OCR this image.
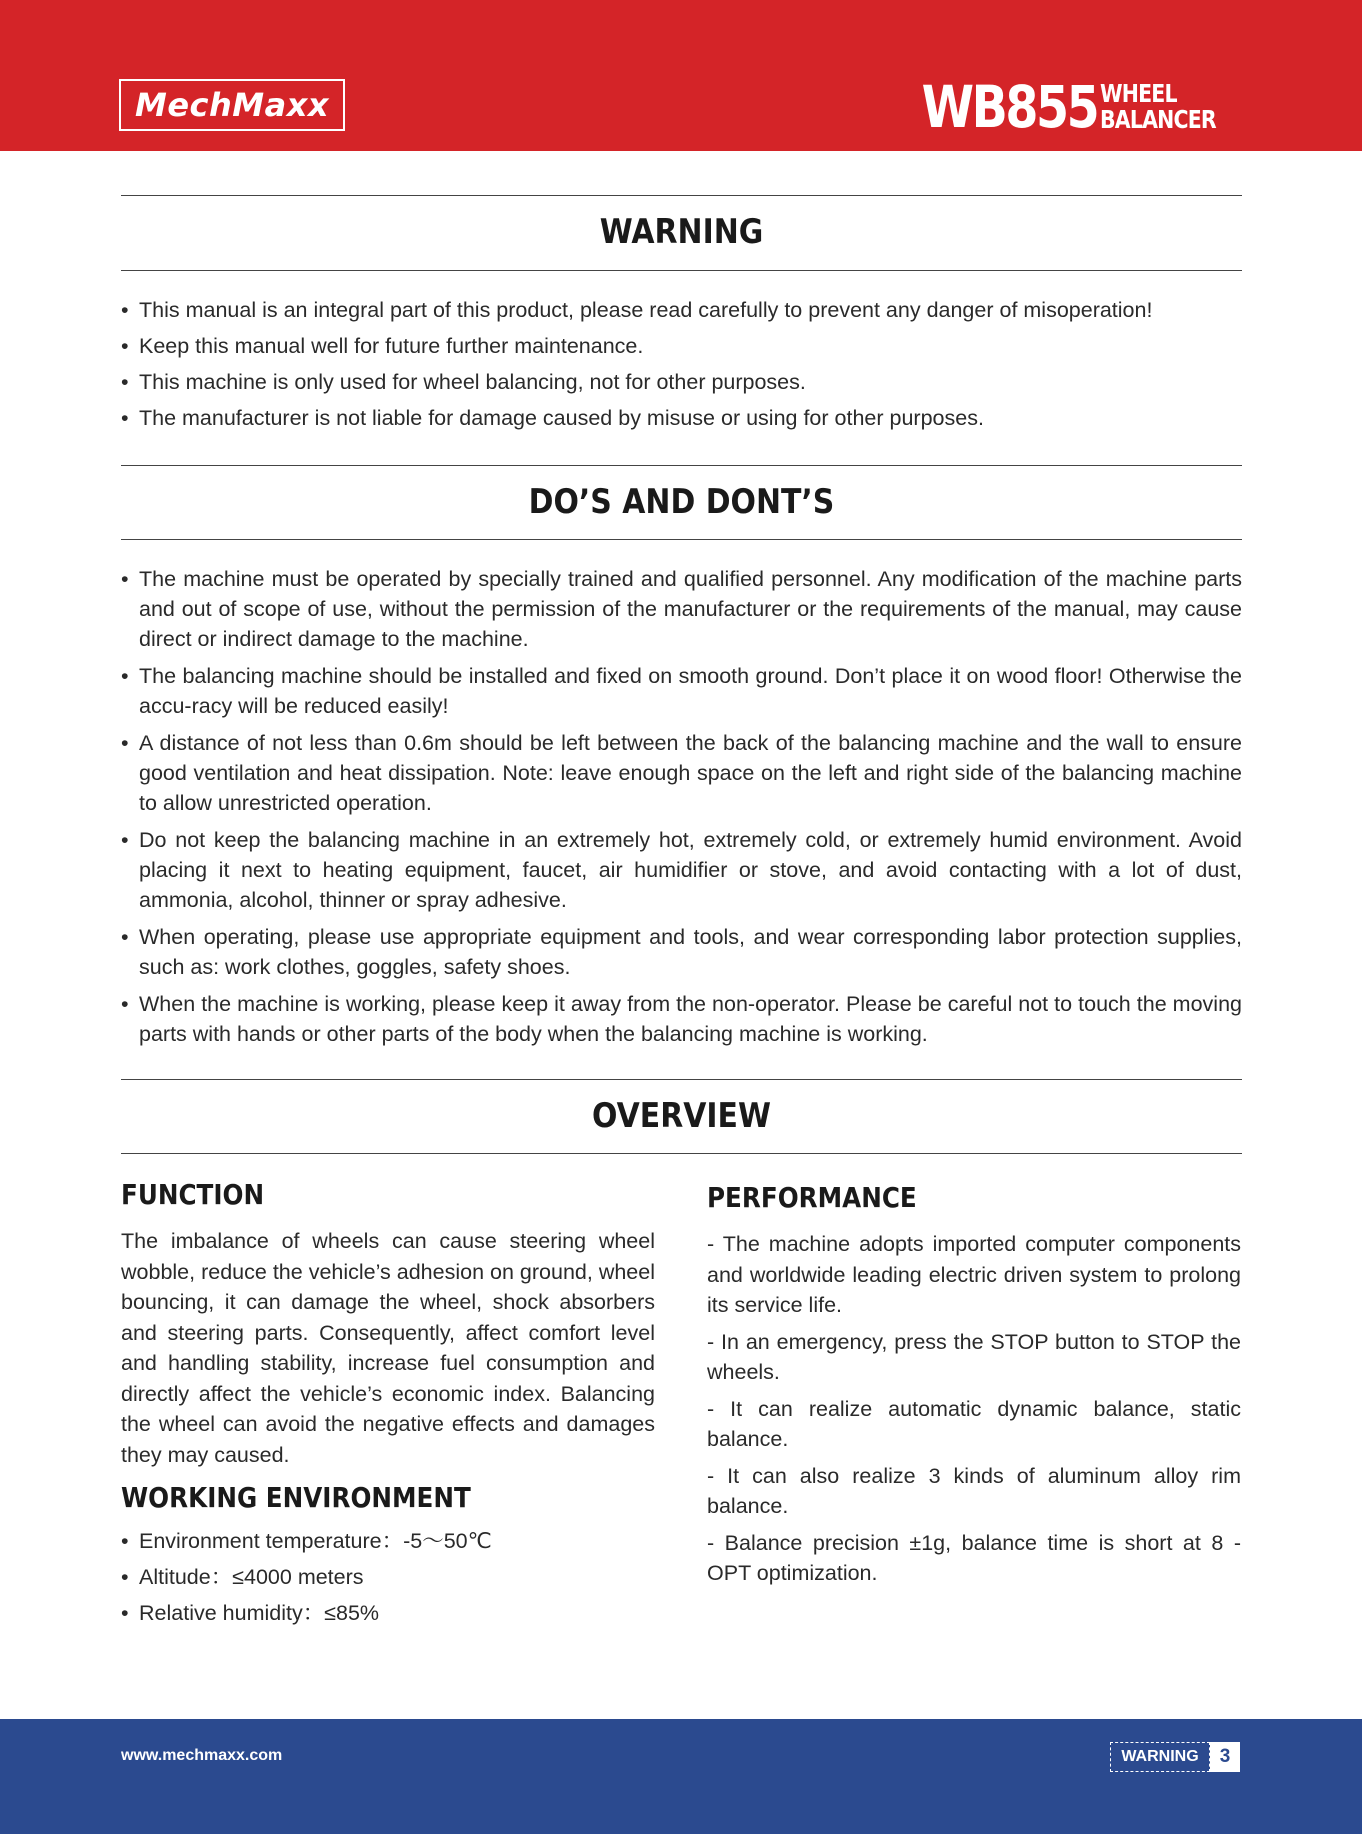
MechMaxx	WB855 WHEEL
BALANCER
WARNING
• This manual is an integral part of this product, please read carefully to prevent any danger of misoperation!
• Keep this manual well for future further maintenance.
• This machine is only used for wheel balancing, not for other purposes.
• The manufacturer is not liable for damage caused by misuse or using for other purposes.
DO’S AND DONT’S
• The machine must be operated by specially trained and qualified personnel. Any modification of the machine parts and out of scope of use, without the permission of the manufacturer or the requirements of the manual, may cause direct or indirect damage to the machine.
• The balancing machine should be installed and fixed on smooth ground. Don’t place it on wood floor! Otherwise the accu-racy will be reduced easily!
• A distance of not less than 0.6m should be left between the back of the balancing machine and the wall to ensure good ventilation and heat dissipation. Note: leave enough space on the left and right side of the balancing machine to allow unrestricted operation.
• Do not keep the balancing machine in an extremely hot, extremely cold, or extremely humid environment. Avoid placing it next to heating equipment, faucet, air humidifier or stove, and avoid contacting with a lot of dust, ammonia, alcohol, thinner or spray adhesive.
• When operating, please use appropriate equipment and tools, and wear corresponding labor protection supplies, such as: work clothes, goggles, safety shoes.
• When the machine is working, please keep it away from the non-operator. Please be careful not to touch the moving parts with hands or other parts of the body when the balancing machine is working.
OVERVIEW
FUNCTION

The imbalance of wheels can cause steering wheel wobble, reduce the vehicle’s adhesion on ground, wheel bouncing, it can damage the wheel, shock absorbers and steering parts. Consequently, affect comfort level and handling stability, increase fuel consumption and directly affect the vehicle’s economic index. Balancing the wheel can avoid the negative effects and damages they may caused.

WORKING ENVIRONMENT
• Environment temperature：-5～50℃
• Altitude：≤4000 meters
• Relative humidity：≤85%
PERFORMANCE
- The machine adopts imported computer components and worldwide leading electric driven system to prolong its service life.
- In an emergency, press the STOP button to STOP the wheels.
- It can realize automatic dynamic balance, static balance.
- It can also realize 3 kinds of aluminum alloy rim balance.
- Balance precision ±1g, balance time is short at 8 - OPT optimization.
www.mechmaxx.com	WARNING	3
